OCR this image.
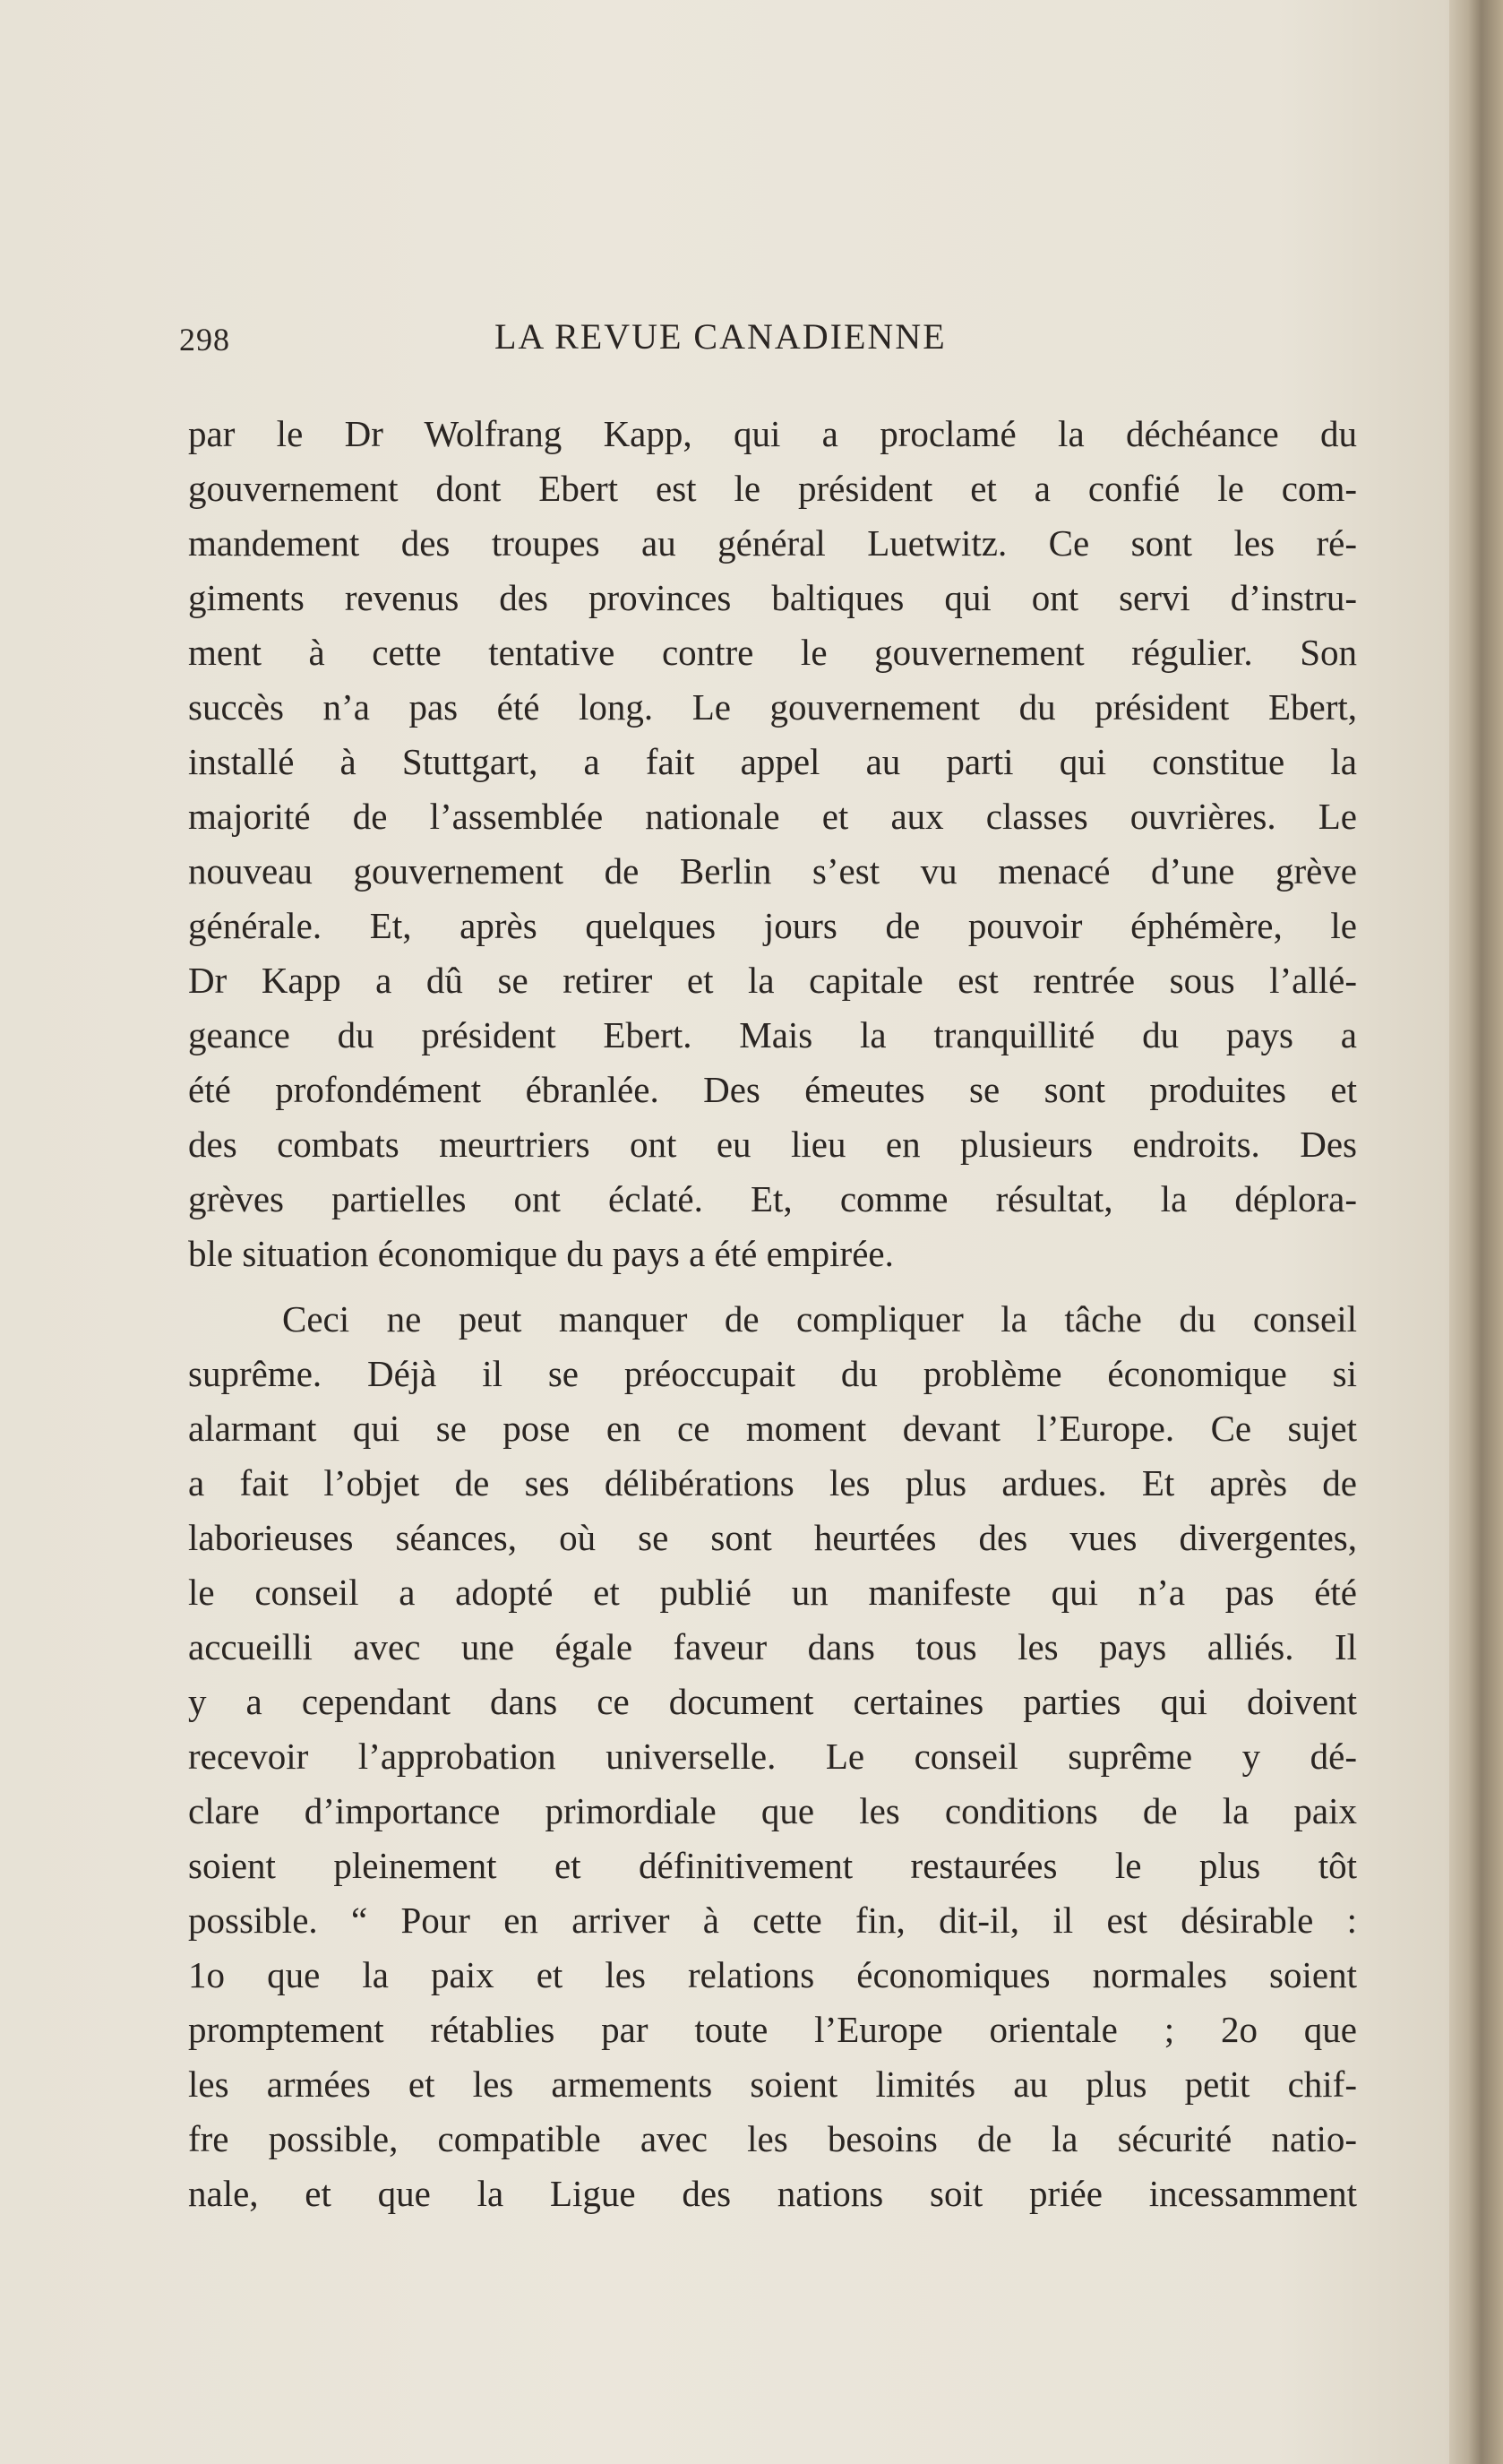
298	LA REVUE CANADIENNE
par le Dr Wolfrang Kapp, qui a proclamé la déchéance du
gouvernement dont Ebert est le président et a confié le com-
mandement des troupes au général Luetwitz. Ce sont les ré-
giments revenus des provinces baltiques qui ont servi d’instru-
ment à cette tentative contre le gouvernement régulier. Son
succès n’a pas été long. Le gouvernement du président Ebert,
installé à Stuttgart, a fait appel au parti qui constitue la
majorité de l’assemblée nationale et aux classes ouvrières. Le
nouveau gouvernement de Berlin s’est vu menacé d’une grève
générale. Et, après quelques jours de pouvoir éphémère, le
Dr Kapp a dû se retirer et la capitale est rentrée sous l’allé-
geance du président Ebert. Mais la tranquillité du pays a
été profondément ébranlée. Des émeutes se sont produites et
des combats meurtriers ont eu lieu en plusieurs endroits. Des
grèves partielles ont éclaté. Et, comme résultat, la déplora-
ble situation économique du pays a été empirée.
Ceci ne peut manquer de compliquer la tâche du conseil
suprême. Déjà il se préoccupait du problème économique si
alarmant qui se pose en ce moment devant l’Europe. Ce sujet
a fait l’objet de ses délibérations les plus ardues. Et après de
laborieuses séances, où se sont heurtées des vues divergentes,
le conseil a adopté et publié un manifeste qui n’a pas été
accueilli avec une égale faveur dans tous les pays alliés. Il
y a cependant dans ce document certaines parties qui doivent
recevoir l’approbation universelle. Le conseil suprême y dé-
clare d’importance primordiale que les conditions de la paix
soient pleinement et définitivement restaurées le plus tôt
possible. “ Pour en arriver à cette fin, dit-il, il est désirable :
1o que la paix et les relations économiques normales soient
promptement rétablies par toute l’Europe orientale ; 2o que
les armées et les armements soient limités au plus petit chif-
fre possible, compatible avec les besoins de la sécurité natio-
nale, et que la Ligue des nations soit priée incessamment
